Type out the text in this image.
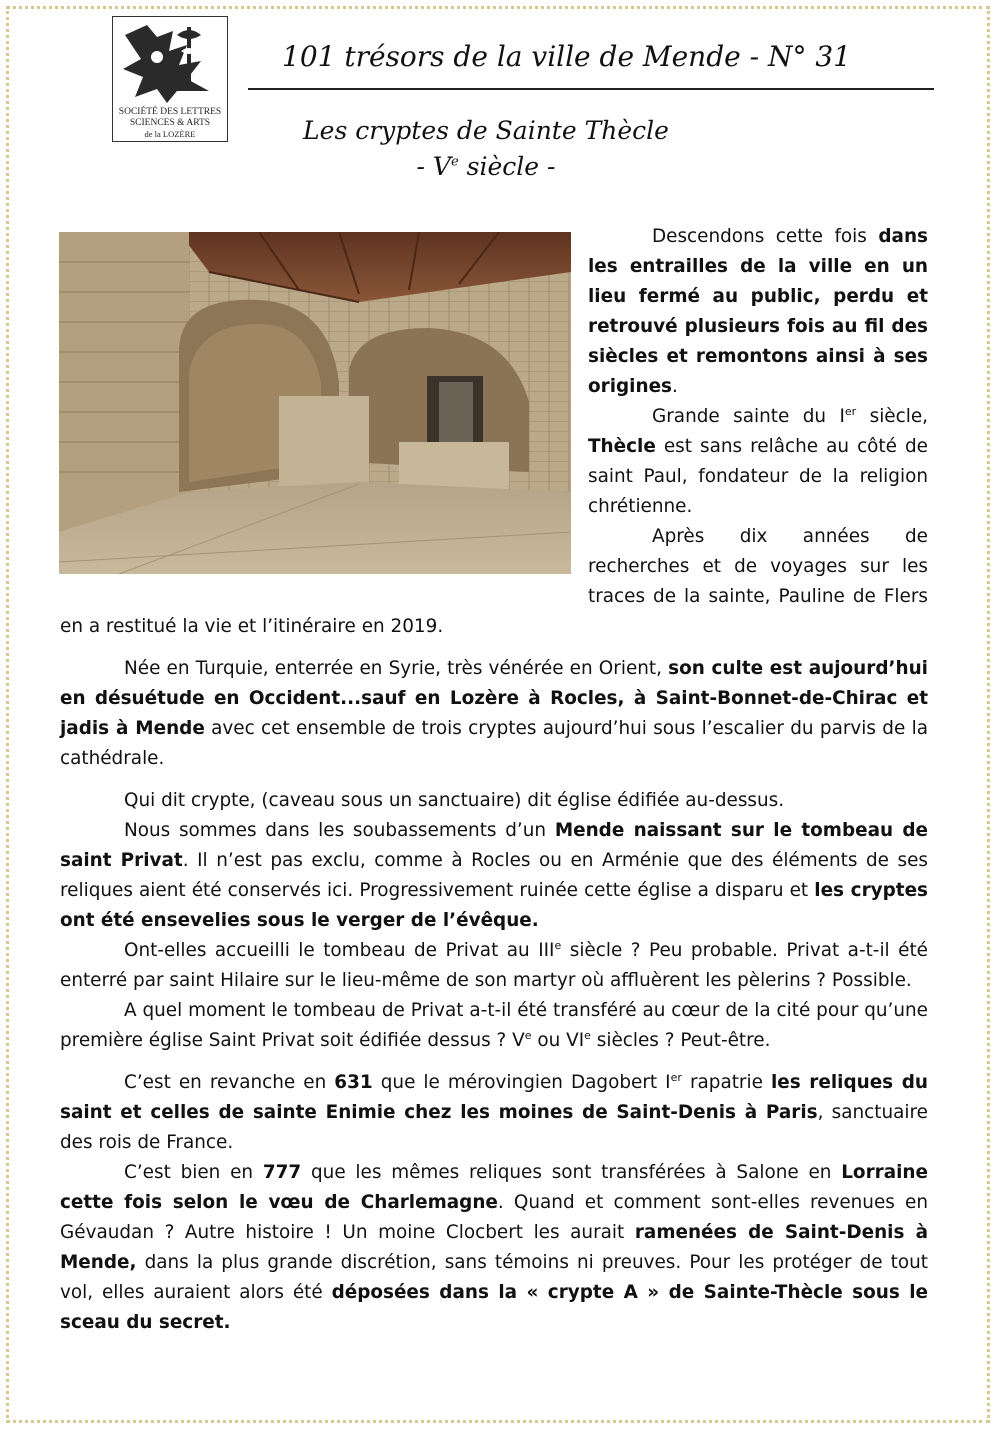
SOCIÉTÉ DES LETTRES
SCIENCES & ARTS
de la LOZÈRE
101 trésors de la ville de Mende - N° 31
Les cryptes de Sainte Thècle
- Ve siècle -

Descendons cette fois dans les entrailles de la ville en un lieu fermé au public, perdu et retrouvé plusieurs fois au fil des siècles et remontons ainsi à ses origines.

Grande sainte du Ier siècle, Thècle est sans relâche au côté de saint Paul, fondateur de la religion chrétienne.

Après dix années de recherches et de voyages sur les traces de la sainte, Pauline de Flers en a restitué la vie et l’itinéraire en 2019.

Née en Turquie, enterrée en Syrie, très vénérée en Orient, son culte est aujourd’hui en désuétude en Occident...sauf en Lozère à Rocles, à Saint-Bonnet-de-Chirac et jadis à Mende avec cet ensemble de trois cryptes aujourd’hui sous l’escalier du parvis de la cathédrale.

Qui dit crypte, (caveau sous un sanctuaire) dit église édifiée au-dessus.

Nous sommes dans les soubassements d’un Mende naissant sur le tombeau de saint Privat. Il n’est pas exclu, comme à Rocles ou en Arménie que des éléments de ses reliques aient été conservés ici. Progressivement ruinée cette église a disparu et les cryptes ont été ensevelies sous le verger de l’évêque.

Ont-elles accueilli le tombeau de Privat au IIIe siècle ? Peu probable. Privat a-t-il été enterré par saint Hilaire sur le lieu-même de son martyr où affluèrent les pèlerins ? Possible.

A quel moment le tombeau de Privat a-t-il été transféré au cœur de la cité pour qu’une première église Saint Privat soit édifiée dessus ? Ve ou VIe siècles ? Peut-être.

C’est en revanche en 631 que le mérovingien Dagobert Ier rapatrie les reliques du saint et celles de sainte Enimie chez les moines de Saint-Denis à Paris, sanctuaire des rois de France.

C’est bien en 777 que les mêmes reliques sont transférées à Salone en Lorraine cette fois selon le vœu de Charlemagne. Quand et comment sont-elles revenues en Gévaudan ? Autre histoire ! Un moine Clocbert les aurait ramenées de Saint-Denis à Mende, dans la plus grande discrétion, sans témoins ni preuves. Pour les protéger de tout vol, elles auraient alors été déposées dans la « crypte A » de Sainte-Thècle sous le sceau du secret.
